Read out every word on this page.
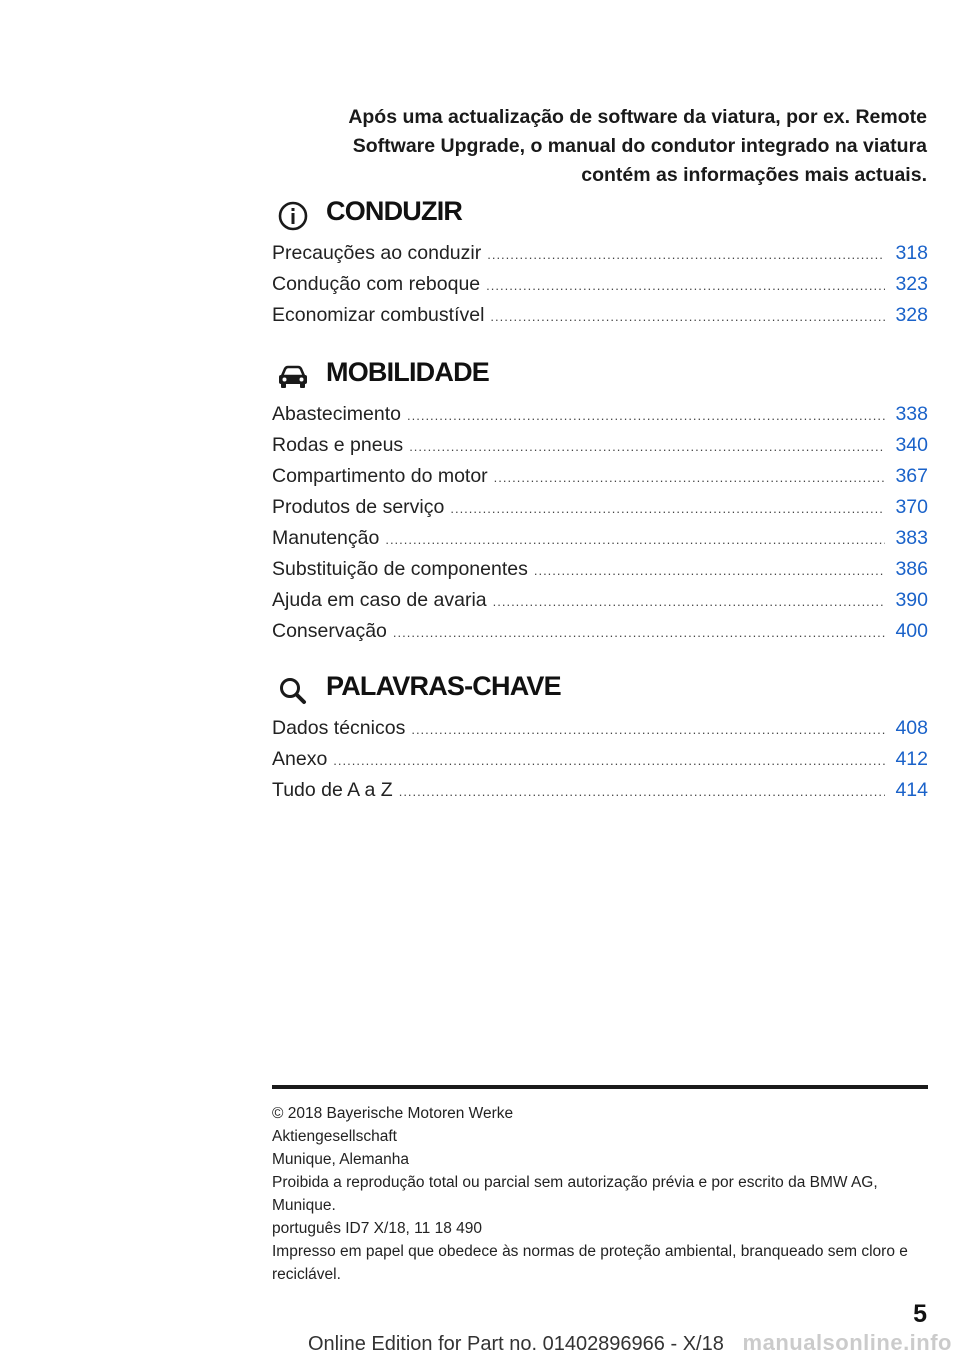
Após uma actualização de software da viatura, por ex. Remote
Software Upgrade, o manual do condutor integrado na viatura
contém as informações mais actuais.
CONDUZIR
Precauções ao conduzir .....	318
Condução com reboque .....	323
Economizar combustível .....	328
MOBILIDADE
Abastecimento .....	338
Rodas e pneus .....	340
Compartimento do motor .....	367
Produtos de serviço .....	370
Manutenção .....	383
Substituição de componentes .....	386
Ajuda em caso de avaria .....	390
Conservação .....	400
PALAVRAS-CHAVE
Dados técnicos .....	408
Anexo .....	412
Tudo de A a Z .....	414
© 2018 Bayerische Motoren Werke
Aktiengesellschaft
Munique, Alemanha
Proibida a reprodução total ou parcial sem autorização prévia e por escrito da BMW AG,
Munique.
português ID7 X/18, 11 18 490
Impresso em papel que obedece às normas de proteção ambiental, branqueado sem cloro e
reciclável.
5
Online Edition for Part no. 01402896966 - X/18 manualsonline.info
